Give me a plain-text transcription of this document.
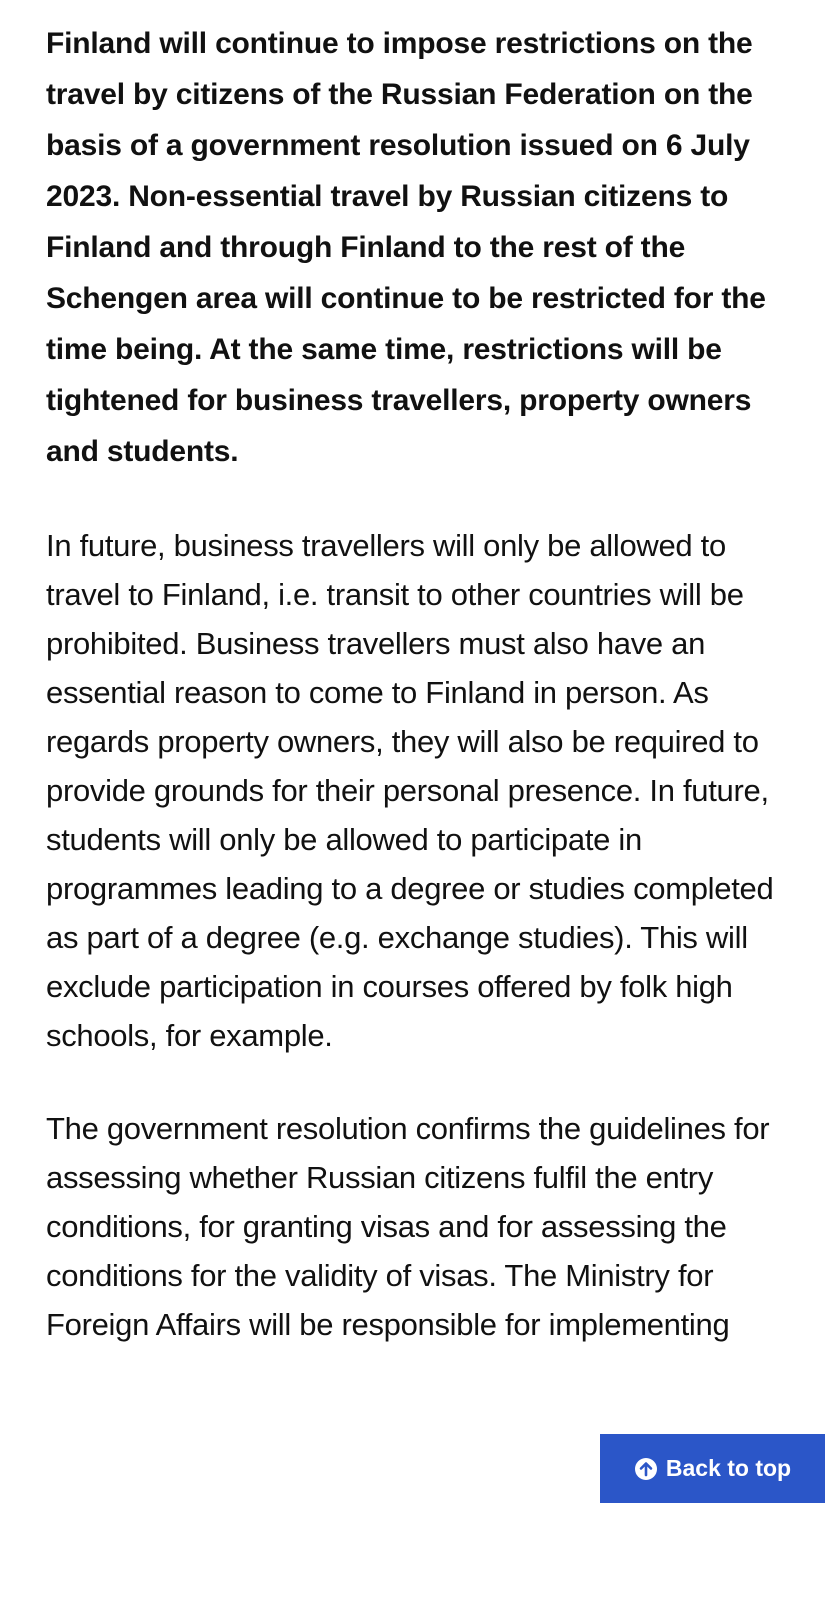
Finland will continue to impose restrictions on the travel by citizens of the Russian Federation on the basis of a government resolution issued on 6 July 2023. Non-essential travel by Russian citizens to Finland and through Finland to the rest of the Schengen area will continue to be restricted for the time being. At the same time, restrictions will be tightened for business travellers, property owners and students.

In future, business travellers will only be allowed to travel to Finland, i.e. transit to other countries will be prohibited. Business travellers must also have an essential reason to come to Finland in person. As regards property owners, they will also be required to provide grounds for their personal presence. In future, students will only be allowed to participate in programmes leading to a degree or studies completed as part of a degree (e.g. exchange studies). This will exclude participation in courses offered by folk high schools, for example.

The government resolution confirms the guidelines for assessing whether Russian citizens fulfil the entry conditions, for granting visas and for assessing the conditions for the validity of visas. The Ministry for Foreign Affairs will be responsible for implementing

Back to top
